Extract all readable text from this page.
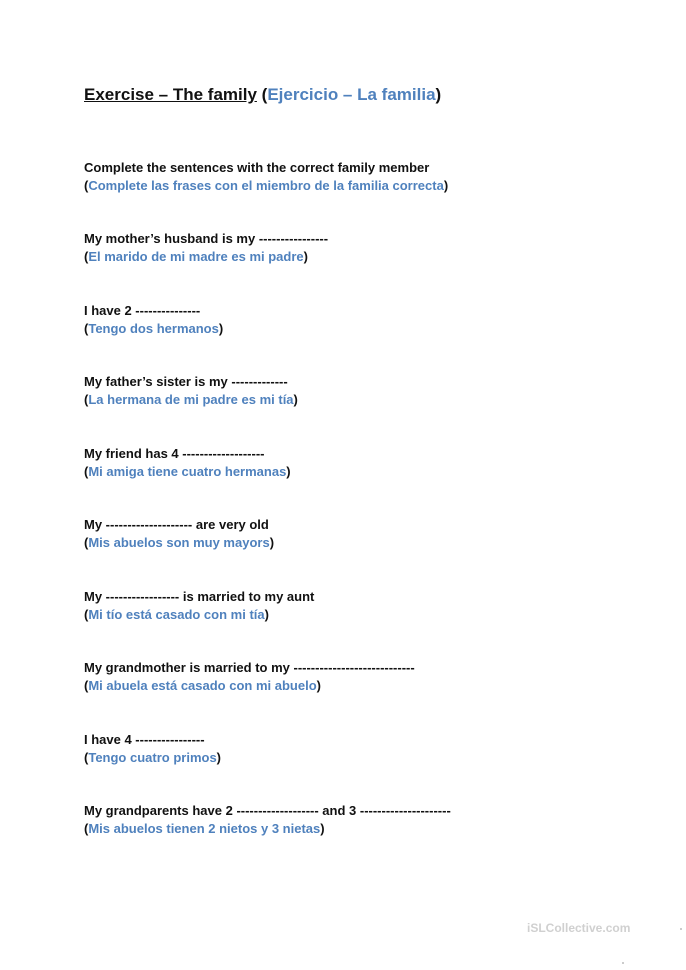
Exercise – The family (Ejercicio – La familia)
Complete the sentences with the correct family member
(Complete las frases con el miembro de la familia correcta)
My mother’s husband is my ----------------
(El marido de mi madre es mi padre)
I have 2 ---------------
(Tengo dos hermanos)
My father’s sister is my -------------
(La hermana de mi padre es mi tía)
My friend has 4 -------------------
(Mi amiga tiene cuatro hermanas)
My -------------------- are very old
(Mis abuelos son muy mayors)
My ----------------- is married to my aunt
(Mi tío está casado con mi tía)
My grandmother is married to my ----------------------------
(Mi abuela está casado con mi abuelo)
I have 4 ----------------
(Tengo cuatro primos)
My grandparents have 2 ------------------- and 3 ---------------------
(Mis abuelos tienen 2 nietos y 3 nietas)
iSLCollective.com
